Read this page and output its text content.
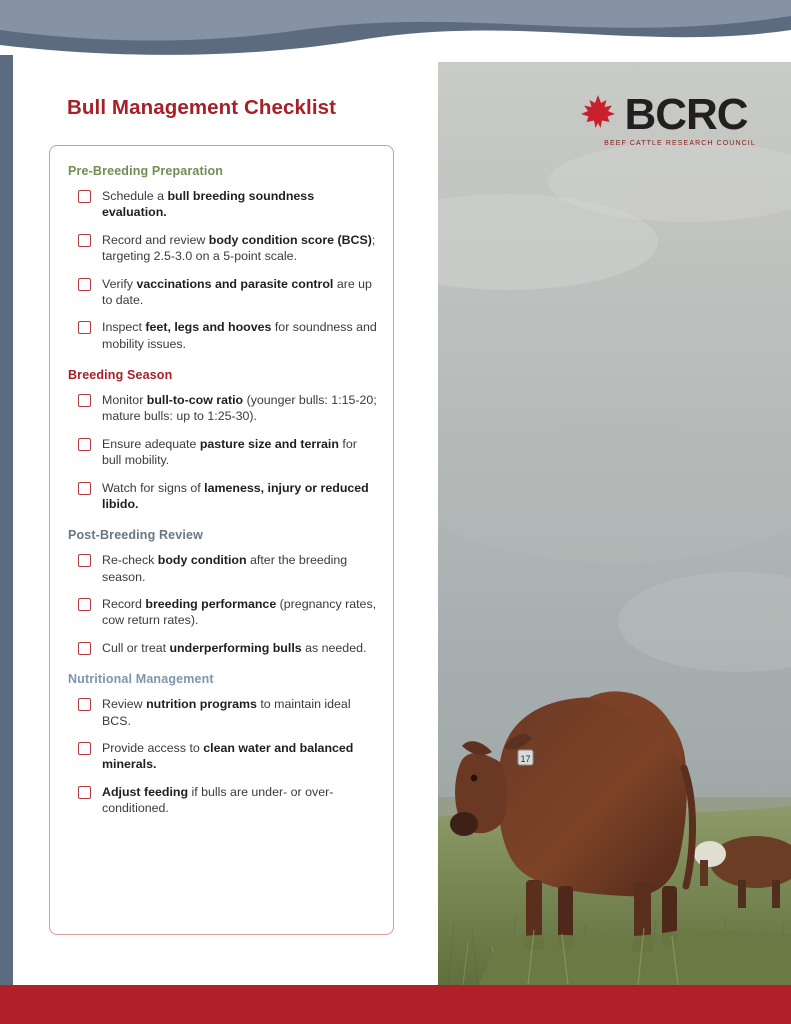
17
BCRC
BEEF CATTLE RESEARCH COUNCIL
Bull Management Checklist
Pre-Breeding Preparation
Schedule a bull breeding soundness evaluation.
Record and review body condition score (BCS); targeting 2.5-3.0 on a 5-point scale.
Verify vaccinations and parasite control are up to date.
Inspect feet, legs and hooves for soundness and mobility issues.
Breeding Season
Monitor bull-to-cow ratio (younger bulls: 1:15-20; mature bulls: up to 1:25-30).
Ensure adequate pasture size and terrain for bull mobility.
Watch for signs of lameness, injury or reduced libido.
Post-Breeding Review
Re-check body condition after the breeding season.
Record breeding performance (pregnancy rates, cow return rates).
Cull or treat underperforming bulls as needed.
Nutritional Management
Review nutrition programs to maintain ideal BCS.
Provide access to clean water and balanced minerals.
Adjust feeding if bulls are under- or over-conditioned.
